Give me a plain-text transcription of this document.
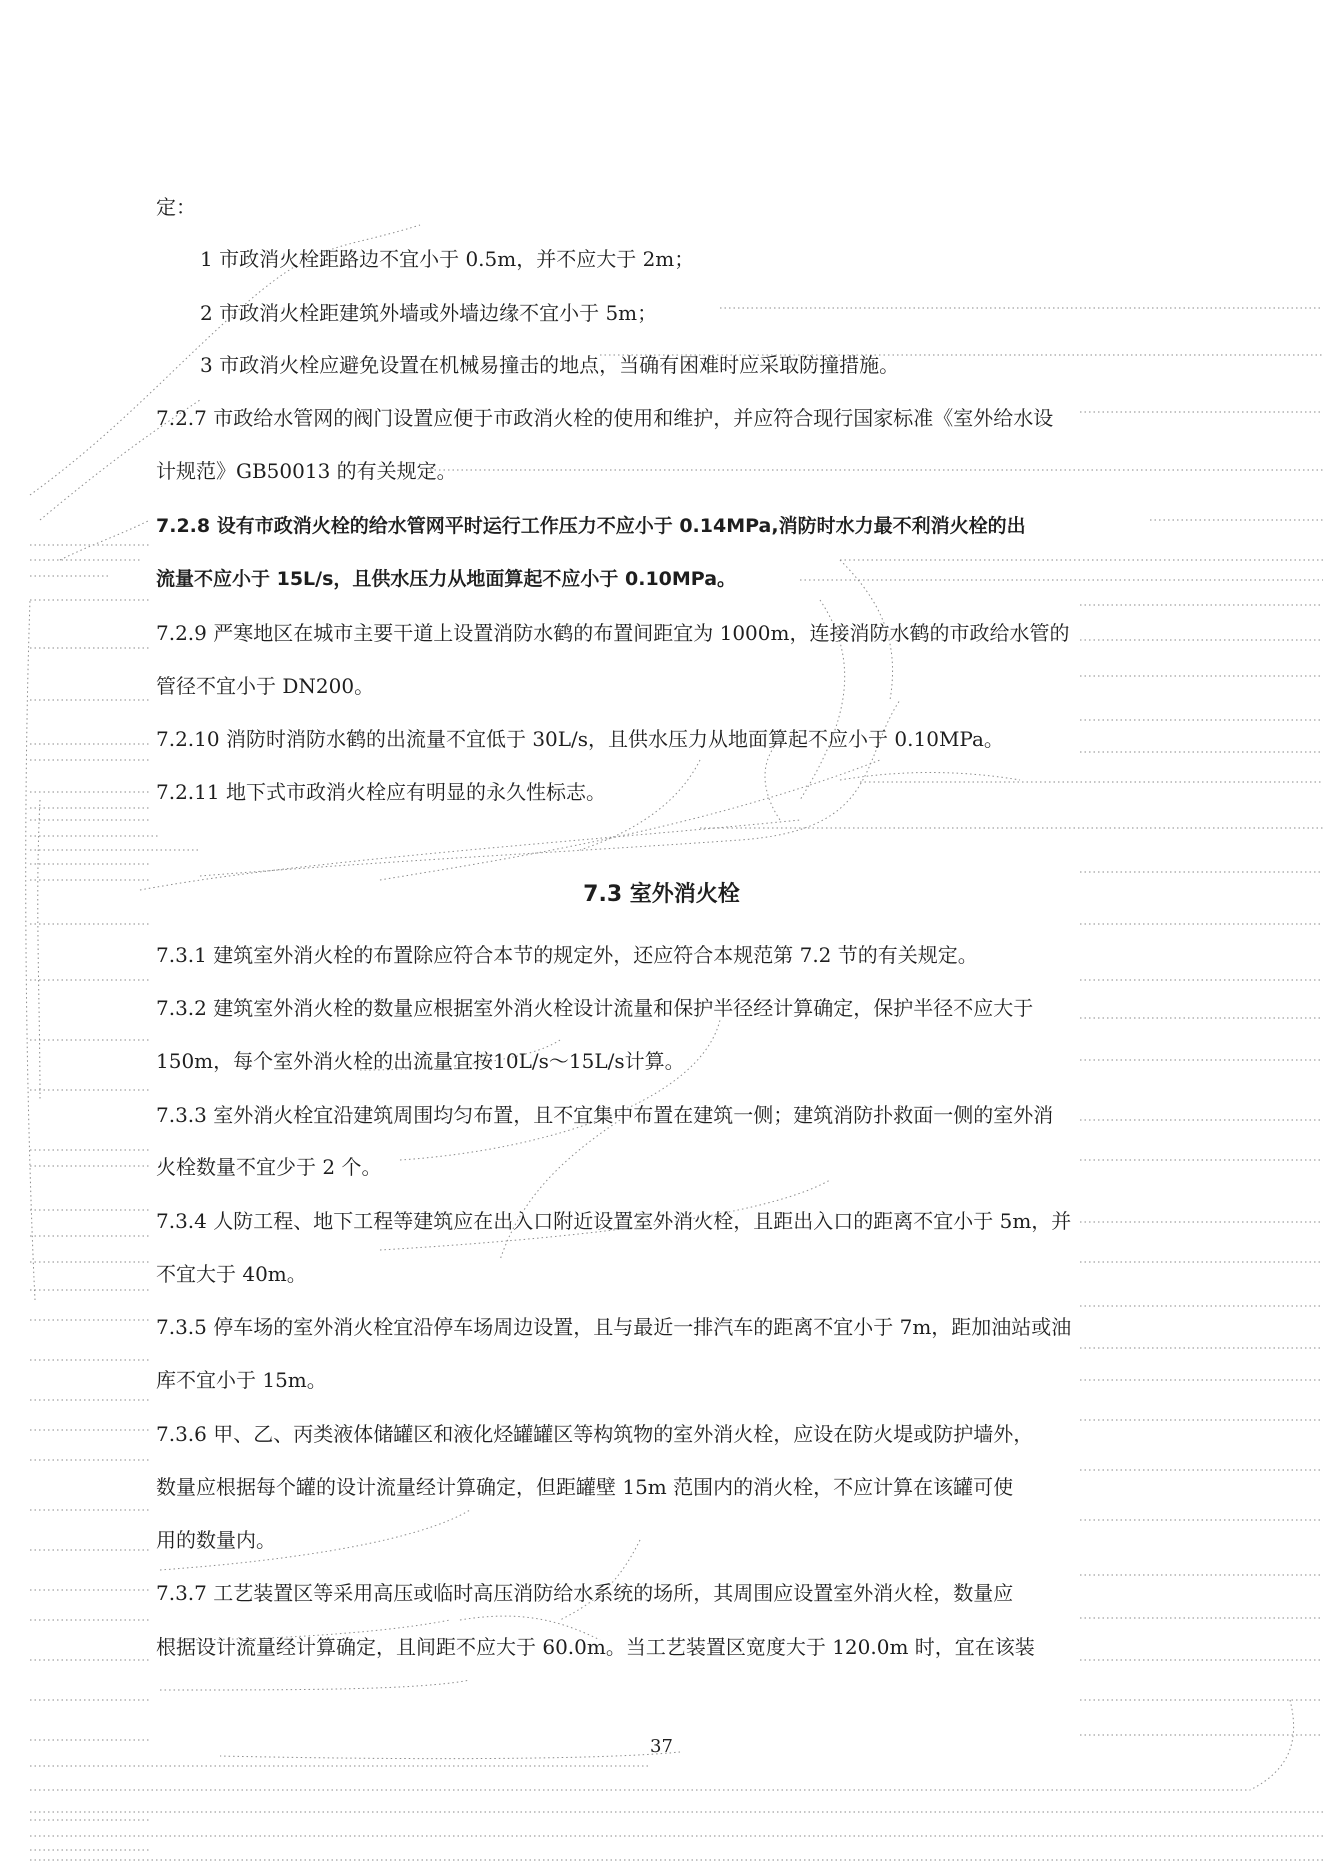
定：
1 市政消火栓距路边不宜小于 0.5m，并不应大于 2m；
2 市政消火栓距建筑外墙或外墙边缘不宜小于 5m；
3 市政消火栓应避免设置在机械易撞击的地点，当确有困难时应采取防撞措施。
7.2.7 市政给水管网的阀门设置应便于市政消火栓的使用和维护，并应符合现行国家标准《室外给水设
计规范》GB50013 的有关规定。
7.2.8 设有市政消火栓的给水管网平时运行工作压力不应小于 0.14MPa,消防时水力最不利消火栓的出
流量不应小于 15L/s，且供水压力从地面算起不应小于 0.10MPa。
7.2.9 严寒地区在城市主要干道上设置消防水鹤的布置间距宜为 1000m，连接消防水鹤的市政给水管的
管径不宜小于 DN200。
7.2.10 消防时消防水鹤的出流量不宜低于 30L/s，且供水压力从地面算起不应小于 0.10MPa。
7.2.11 地下式市政消火栓应有明显的永久性标志。
7.3 室外消火栓
7.3.1 建筑室外消火栓的布置除应符合本节的规定外，还应符合本规范第 7.2 节的有关规定。
7.3.2 建筑室外消火栓的数量应根据室外消火栓设计流量和保护半径经计算确定，保护半径不应大于
150m，每个室外消火栓的出流量宜按10L/s～15L/s计算。
7.3.3 室外消火栓宜沿建筑周围均匀布置，且不宜集中布置在建筑一侧；建筑消防扑救面一侧的室外消
火栓数量不宜少于 2 个。
7.3.4 人防工程、地下工程等建筑应在出入口附近设置室外消火栓，且距出入口的距离不宜小于 5m，并
不宜大于 40m。
7.3.5 停车场的室外消火栓宜沿停车场周边设置，且与最近一排汽车的距离不宜小于 7m，距加油站或油
库不宜小于 15m。
7.3.6 甲、乙、丙类液体储罐区和液化烃罐罐区等构筑物的室外消火栓，应设在防火堤或防护墙外，
数量应根据每个罐的设计流量经计算确定，但距罐壁 15m 范围内的消火栓，不应计算在该罐可使
用的数量内。
7.3.7 工艺装置区等采用高压或临时高压消防给水系统的场所，其周围应设置室外消火栓，数量应
根据设计流量经计算确定，且间距不应大于 60.0m。当工艺装置区宽度大于 120.0m 时，宜在该装
37
